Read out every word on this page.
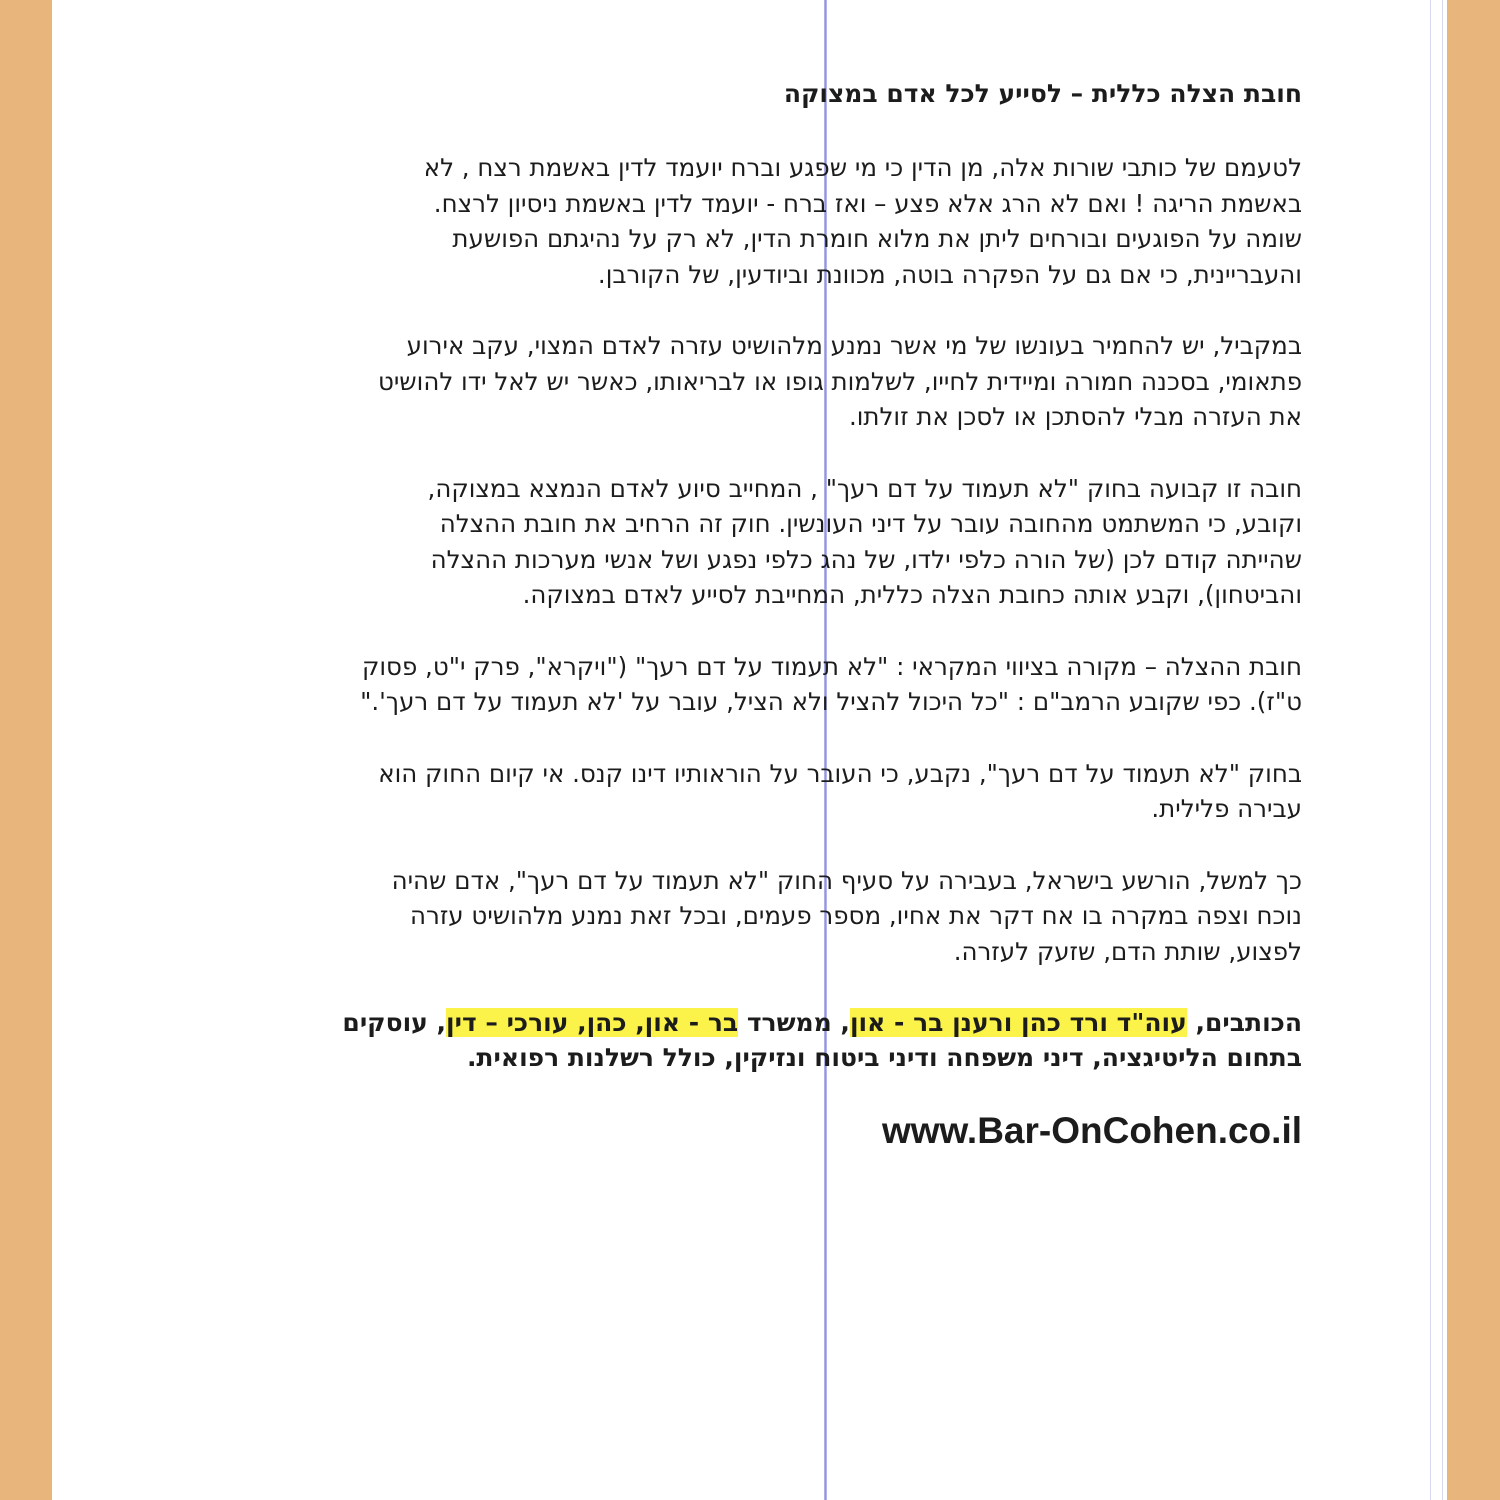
חובת הצלה כללית – לסייע לכל אדם במצוקה
לטעמם של כותבי שורות אלה, מן הדין כי מי שפגע וברח יועמד לדין באשמת רצח , לא
באשמת הריגה ! ואם לא הרג אלא פצע – ואז ברח - יועמד לדין באשמת ניסיון לרצח.
שומה על הפוגעים ובורחים ליתן את מלוא חומרת הדין, לא רק על נהיגתם הפושעת
והעבריינית, כי אם גם על הפקרה בוטה, מכוונת וביודעין, של הקורבן.
במקביל, יש להחמיר בעונשו של מי אשר נמנע מלהושיט עזרה לאדם המצוי, עקב אירוע
פתאומי, בסכנה חמורה ומיידית לחייו, לשלמות גופו או לבריאותו, כאשר יש לאל ידו להושיט
את העזרה מבלי להסתכן או לסכן את זולתו.
חובה זו קבועה בחוק "לא תעמוד על דם רעך" , המחייב סיוע לאדם הנמצא במצוקה,
וקובע, כי המשתמט מהחובה עובר על דיני העונשין. חוק זה הרחיב את חובת ההצלה
שהייתה קודם לכן (של הורה כלפי ילדו, של נהג כלפי נפגע ושל אנשי מערכות ההצלה
והביטחון), וקבע אותה כחובת הצלה כללית, המחייבת לסייע לאדם במצוקה.
חובת ההצלה – מקורה בציווי המקראי : "לא תעמוד על דם רעך" ("ויקרא", פרק י"ט, פסוק
ט"ז). כפי שקובע הרמב"ם : "כל היכול להציל ולא הציל, עובר על 'לא תעמוד על דם רעך'."
בחוק "לא תעמוד על דם רעך", נקבע, כי העובר על הוראותיו דינו קנס. אי קיום החוק הוא
עבירה פלילית.
כך למשל, הורשע בישראל, בעבירה על סעיף החוק "לא תעמוד על דם רעך", אדם שהיה
נוכח וצפה במקרה בו אח דקר את אחיו, מספר פעמים, ובכל זאת נמנע מלהושיט עזרה
לפצוע, שותת הדם, שזעק לעזרה.
הכותבים, עוה"ד ורד כהן ורענן בר - און, ממשרד בר - און, כהן, עורכי – דין, עוסקים
בתחום הליטיגציה, דיני משפחה ודיני ביטוח ונזיקין, כולל רשלנות רפואית.
www.Bar-OnCohen.co.il
